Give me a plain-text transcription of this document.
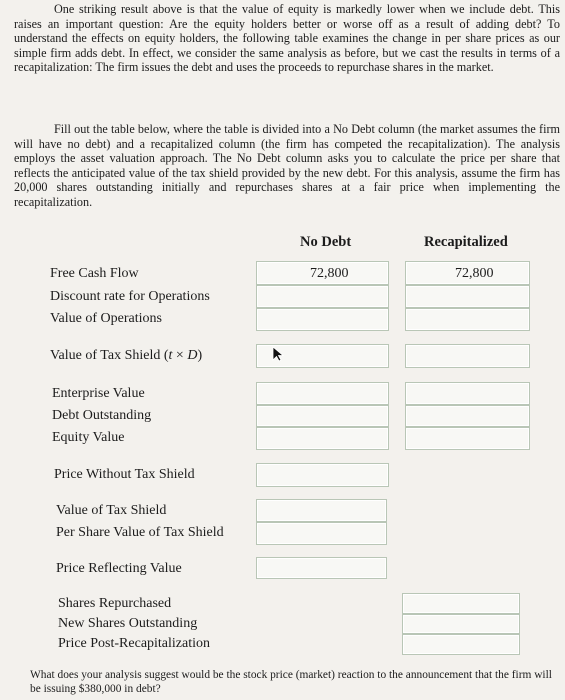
One striking result above is that the value of equity is markedly lower when we include debt. This raises an important question: Are the equity holders better or worse off as a result of adding debt? To understand the effects on equity holders, the following table examines the change in per share prices as our simple firm adds debt. In effect, we consider the same analysis as before, but we cast the results in terms of a recapitalization: The firm issues the debt and uses the proceeds to repurchase shares in the market.

Fill out the table below, where the table is divided into a No Debt column (the market assumes the firm will have no debt) and a recapitalized column (the firm has competed the recapitalization). The analysis employs the asset valuation approach. The No Debt column asks you to calculate the price per share that reflects the anticipated value of the tax shield provided by the new debt. For this analysis, assume the firm has 20,000 shares outstanding initially and repurchases shares at a fair price when implementing the recapitalization.

No Debt	Recapitalized
Free Cash Flow
Discount rate for Operations
Value of Operations
72,800	72,800
Value of Tax Shield (t × D)
Enterprise Value
Debt Outstanding
Equity Value
Price Without Tax Shield
Value of Tax Shield
Per Share Value of Tax Shield
Price Reflecting Value
Shares Repurchased
New Shares Outstanding
Price Post-Recapitalization

What does your analysis suggest would be the stock price (market) reaction to the announcement that the firm will be issuing $380,000 in debt?
